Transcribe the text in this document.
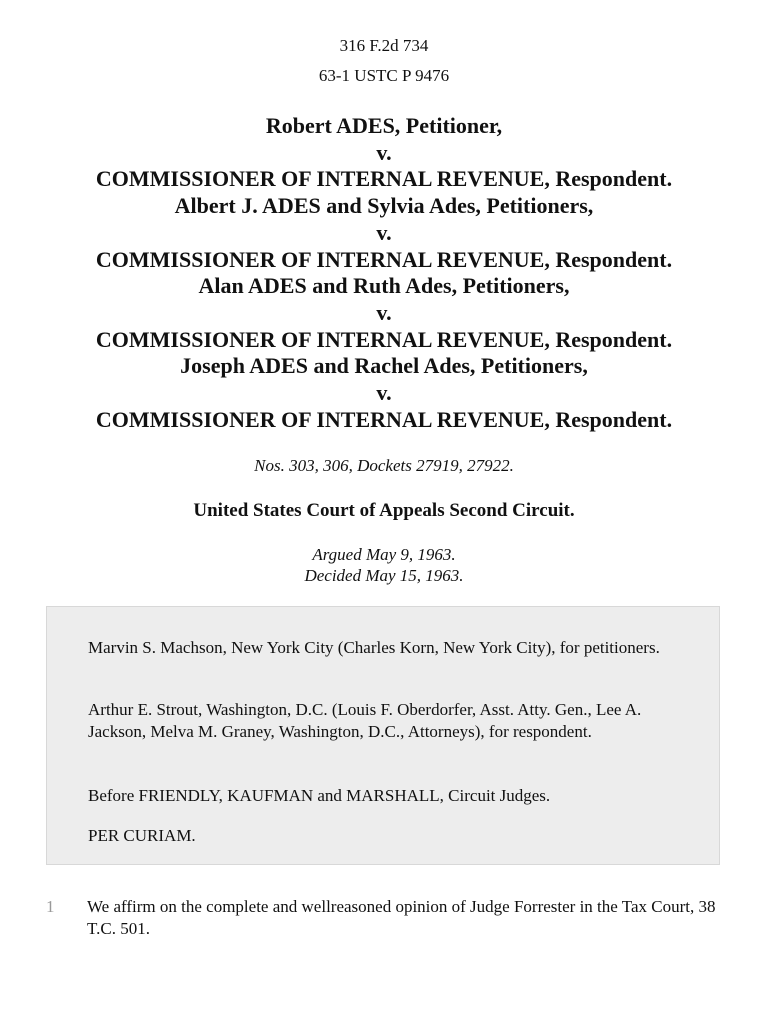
316 F.2d 734
63-1 USTC P 9476
Robert ADES, Petitioner,
v.
COMMISSIONER OF INTERNAL REVENUE, Respondent.
Albert J. ADES and Sylvia Ades, Petitioners,
v.
COMMISSIONER OF INTERNAL REVENUE, Respondent.
Alan ADES and Ruth Ades, Petitioners,
v.
COMMISSIONER OF INTERNAL REVENUE, Respondent.
Joseph ADES and Rachel Ades, Petitioners,
v.
COMMISSIONER OF INTERNAL REVENUE, Respondent.
Nos. 303, 306, Dockets 27919, 27922.
United States Court of Appeals Second Circuit.
Argued May 9, 1963.
Decided May 15, 1963.

Marvin S. Machson, New York City (Charles Korn, New York City), for petitioners.

Arthur E. Strout, Washington, D.C. (Louis F. Oberdorfer, Asst. Atty. Gen., Lee A. Jackson, Melva M. Graney, Washington, D.C., Attorneys), for respondent.

Before FRIENDLY, KAUFMAN and MARSHALL, Circuit Judges.

PER CURIAM.

1 We affirm on the complete and wellreasoned opinion of Judge Forrester in the Tax Court, 38 T.C. 501.
